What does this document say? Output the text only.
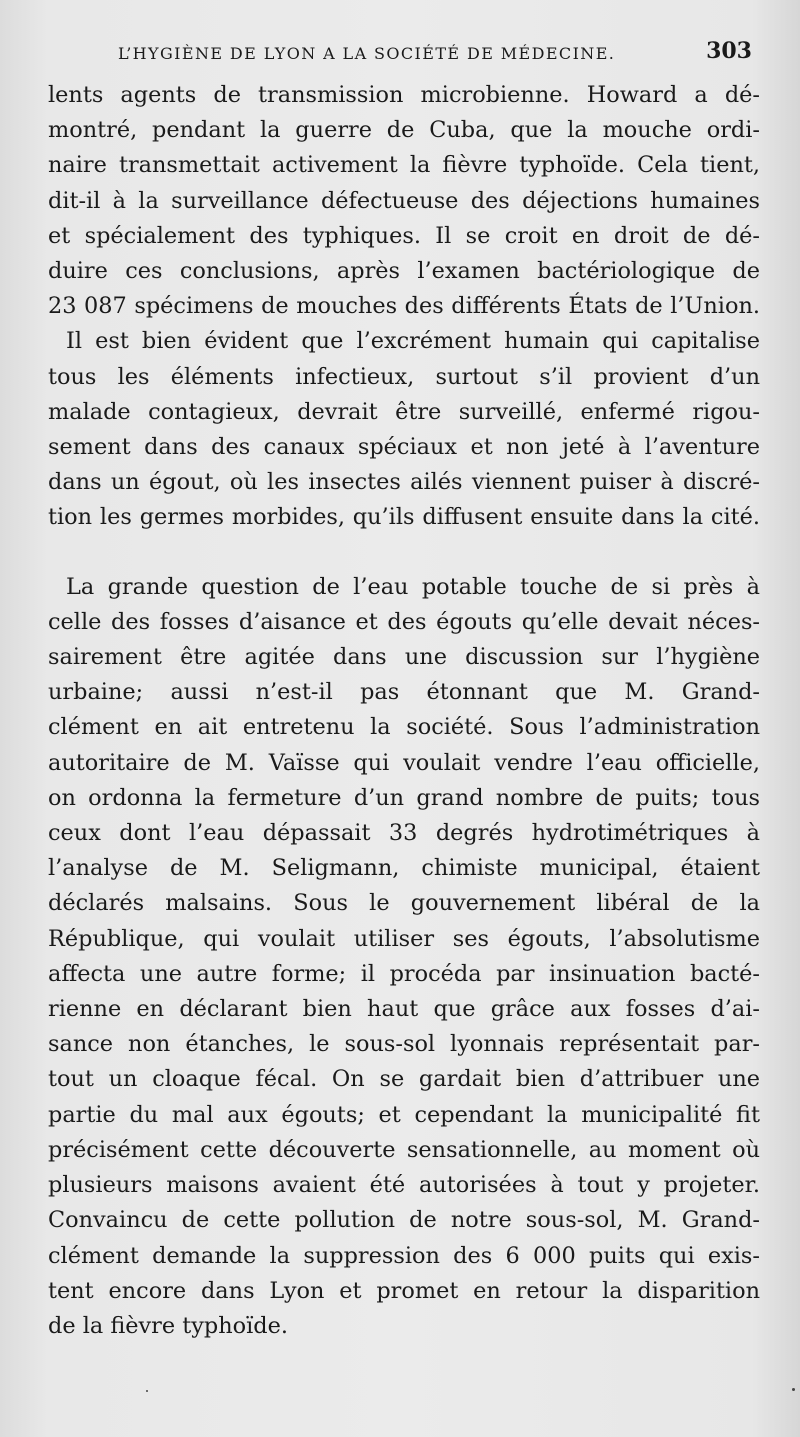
L’HYGIÈNE DE LYON A LA SOCIÉTÉ DE MÉDECINE.	303

lents agents de transmission microbienne. Howard a dé-
montré, pendant la guerre de Cuba, que la mouche ordi-
naire transmettait activement la fièvre typhoïde. Cela tient,
dit-il à la surveillance défectueuse des déjections humaines
et spécialement des typhiques. Il se croit en droit de dé-
duire ces conclusions, après l’examen bactériologique de
23 087 spécimens de mouches des différents États de l’Union.

Il est bien évident que l’excrément humain qui capitalise
tous les éléments infectieux, surtout s’il provient d’un
malade contagieux, devrait être surveillé, enfermé rigou-
sement dans des canaux spéciaux et non jeté à l’aventure
dans un égout, où les insectes ailés viennent puiser à discré-
tion les germes morbides, qu’ils diffusent ensuite dans la cité.

La grande question de l’eau potable touche de si près à
celle des fosses d’aisance et des égouts qu’elle devait néces-
sairement être agitée dans une discussion sur l’hygiène
urbaine; aussi n’est-il pas étonnant que M. Grand-
clément en ait entretenu la société. Sous l’administration
autoritaire de M. Vaïsse qui voulait vendre l’eau officielle,
on ordonna la fermeture d’un grand nombre de puits; tous
ceux dont l’eau dépassait 33 degrés hydrotimétriques à
l’analyse de M. Seligmann, chimiste municipal, étaient
déclarés malsains. Sous le gouvernement libéral de la
République, qui voulait utiliser ses égouts, l’absolutisme
affecta une autre forme; il procéda par insinuation bacté-
rienne en déclarant bien haut que grâce aux fosses d’ai-
sance non étanches, le sous-sol lyonnais représentait par-
tout un cloaque fécal. On se gardait bien d’attribuer une
partie du mal aux égouts; et cependant la municipalité fit
précisément cette découverte sensationnelle, au moment où
plusieurs maisons avaient été autorisées à tout y projeter.
Convaincu de cette pollution de notre sous-sol, M. Grand-
clément demande la suppression des 6 000 puits qui exis-
tent encore dans Lyon et promet en retour la disparition
de la fièvre typhoïde.
